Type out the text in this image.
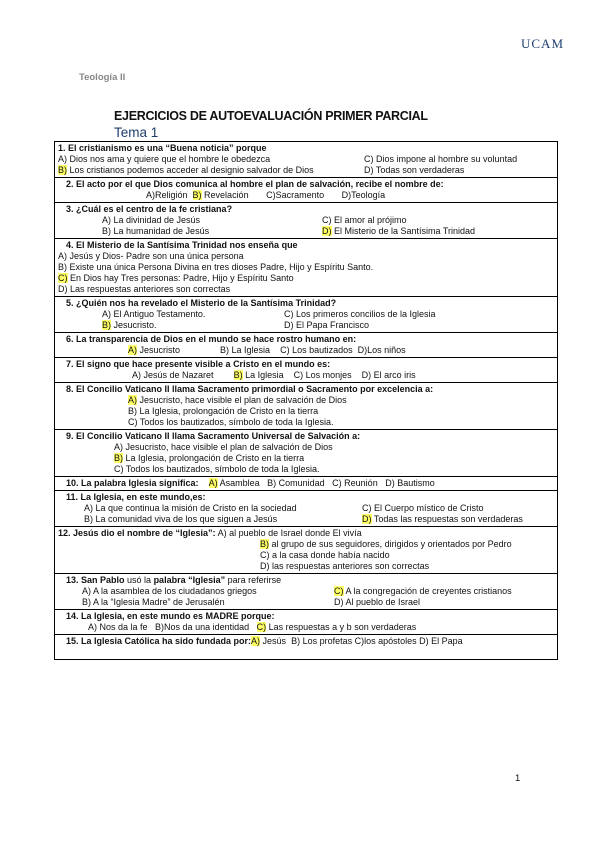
UCAM
Teología II
EJERCICIOS DE AUTOEVALUACIÓN PRIMER PARCIAL
Tema 1
1. El cristianismo es una “Buena noticia” porque
A) Dios nos ama y quiere que el hombre le obedezca	C) Dios impone al hombre su voluntad
B) Los cristianos podemos acceder al designio salvador de Dios	D) Todas son verdaderas

2. El acto por el que Dios comunica al hombre el plan de salvación, recibe el nombre de:
A)Religión B) Revelación C)Sacramento D)Teología

3. ¿Cuál es el centro de la fe cristiana?
A) La divinidad de Jesús	C) El amor al prójimo
B) La humanidad de Jesús	D) El Misterio de la Santísima Trinidad

4. El Misterio de la Santísima Trinidad nos enseña que
A) Jesús y Dios- Padre son una única persona
B) Existe una única Persona Divina en tres dioses Padre, Hijo y Espíritu Santo.
C) En Dios hay Tres personas: Padre, Hijo y Espíritu Santo
D) Las respuestas anteriores son correctas

5. ¿Quién nos ha revelado el Misterio de la Santísima Trinidad?
A) El Antiguo Testamento.	C) Los primeros concilios de la Iglesia
B) Jesucristo.	D) El Papa Francisco

6. La transparencia de Dios en el mundo se hace rostro humano en:
A) Jesucristo	B) La Iglesia C) Los bautizados D)Los niños

7. El signo que hace presente visible a Cristo en el mundo es:
A) Jesús de Nazaret B) La Iglesia C) Los monjes D) El arco iris

8. El Concilio Vaticano II llama Sacramento primordial o Sacramento por excelencia a:
A) Jesucristo, hace visible el plan de salvación de Dios
B) La Iglesia, prolongación de Cristo en la tierra
C) Todos los bautizados, símbolo de toda la Iglesia.

9. El Concilio Vaticano II llama Sacramento Universal de Salvación a:
A) Jesucristo, hace visible el plan de salvación de Dios
B) La Iglesia, prolongación de Cristo en la tierra
C) Todos los bautizados, símbolo de toda la Iglesia.

10. La palabra Iglesia significa: A) Asamblea B) Comunidad C) Reunión D) Bautismo

11. La Iglesia, en este mundo,es:
A) La que continua la misión de Cristo en la sociedad	C) El Cuerpo místico de Cristo
B) La comunidad viva de los que siguen a Jesús	D) Todas las respuestas son verdaderas

12. Jesús dio el nombre de “Iglesia”: A) al pueblo de Israel donde El vivía
B) al grupo de sus seguidores, dirigidos y orientados por Pedro
C) a la casa donde había nacido
D) las respuestas anteriores son correctas

13. San Pablo usó la palabra “Iglesia” para referirse
A) A la asamblea de los ciudadanos griegos	C) A la congregación de creyentes cristianos
B) A la “Iglesia Madre” de Jerusalén	D) Al pueblo de Israel

14. La Iglesia, en este mundo es MADRE porque:
A) Nos da la fe B)Nos da una identidad C) Las respuestas a y b son verdaderas

15. La Iglesia Católica ha sido fundada por:A) Jesús B) Los profetas C)los apóstoles D) El Papa
1
